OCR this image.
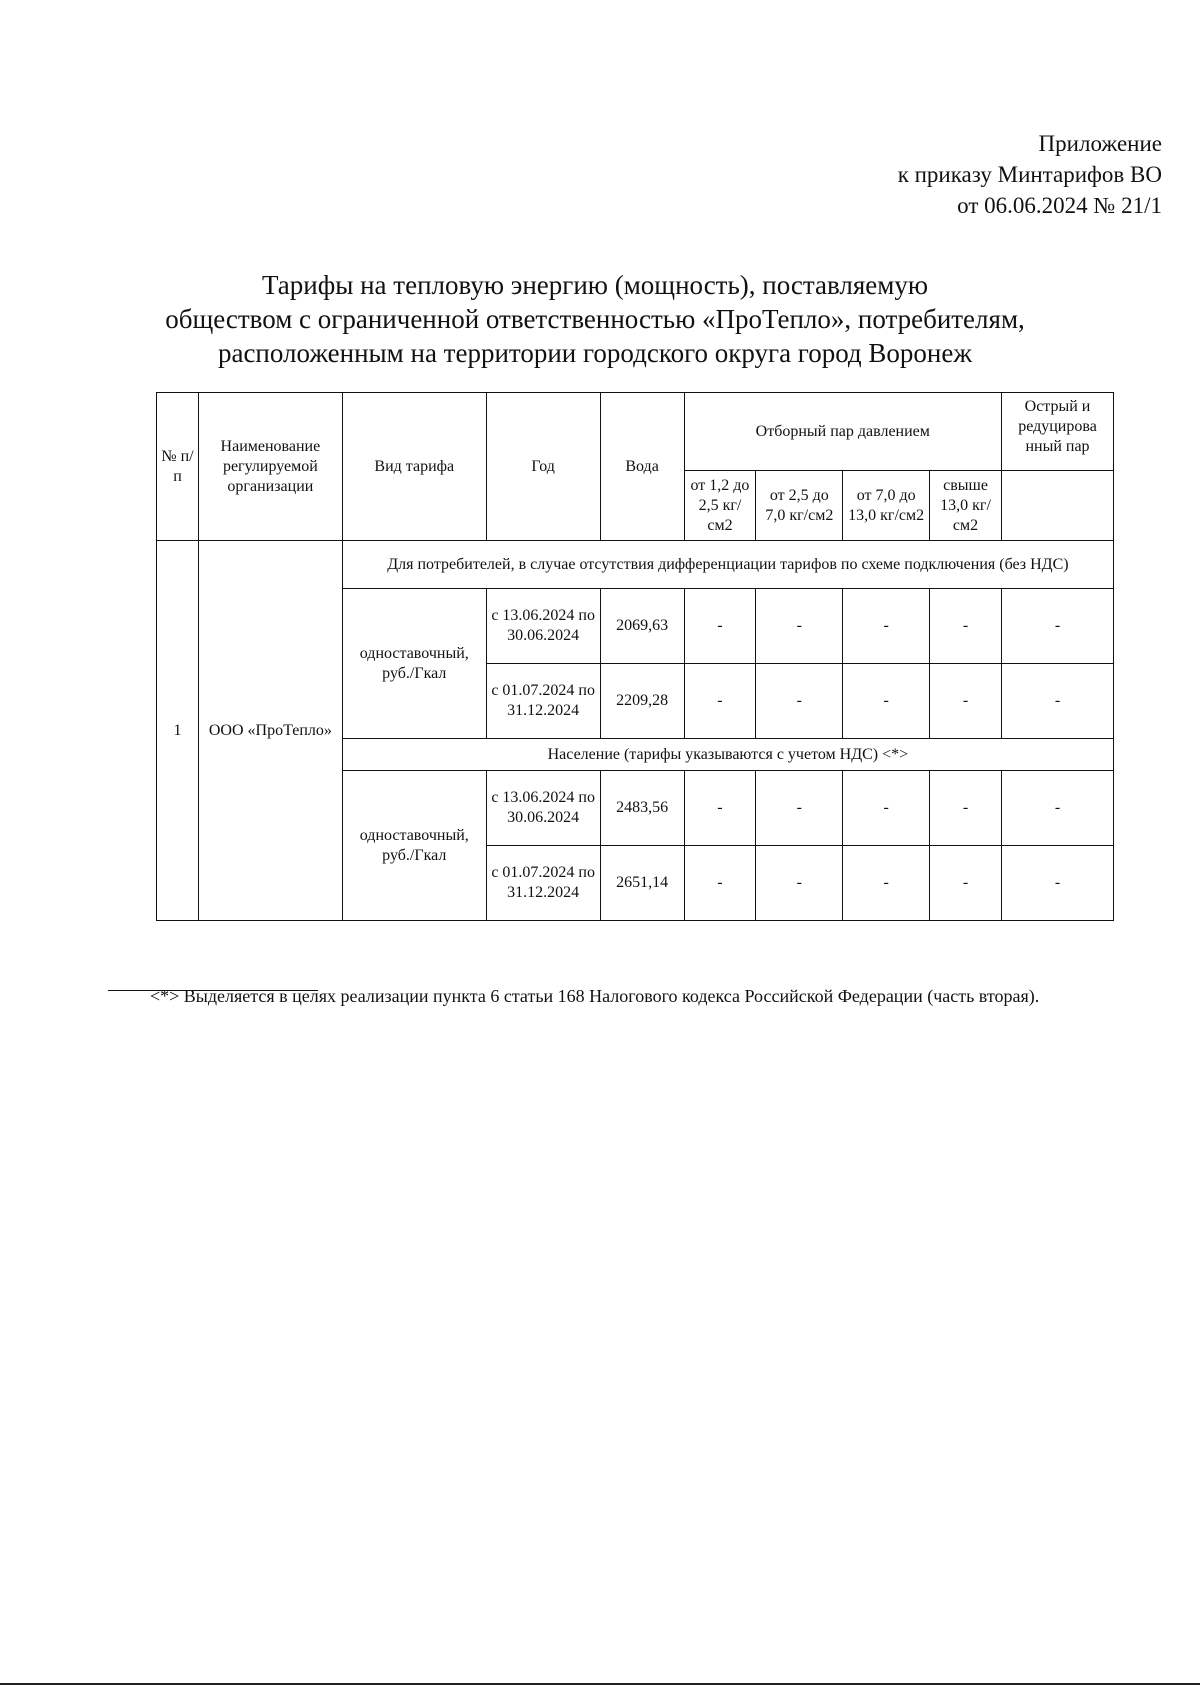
Приложение
к приказу Минтарифов ВО
от 06.06.2024 № 21/1
Тарифы на тепловую энергию (мощность), поставляемую
обществом с ограниченной ответственностью «ПроТепло», потребителям,
расположенным на территории городского округа город Воронеж
№ п/п	Наименование регулируемой организации	Вид тарифа	Год	Вода	Отборный пар давлением				Острый и редуцирова нный пар
					от 1,2 до 2,5 кг/см2	от 2,5 до 7,0 кг/см2	от 7,0 до 13,0 кг/см2	свыше 13,0 кг/см2	
1	ООО «ПроТепло»	Для потребителей, в случае отсутствия дифференциации тарифов по схеме подключения (без НДС)							
		одноставочный, руб./Гкал	с 13.06.2024 по 30.06.2024	2069,63	-	-	-	-	-
			с 01.07.2024 по 31.12.2024	2209,28	-	-	-	-	-
		Население (тарифы указываются с учетом НДС) <*>							
		одноставочный, руб./Гкал	с 13.06.2024 по 30.06.2024	2483,56	-	-	-	-	-
			с 01.07.2024 по 31.12.2024	2651,14	-	-	-	-	-
<*> Выделяется в целях реализации пункта 6 статьи 168 Налогового кодекса Российской Федерации (часть вторая).
